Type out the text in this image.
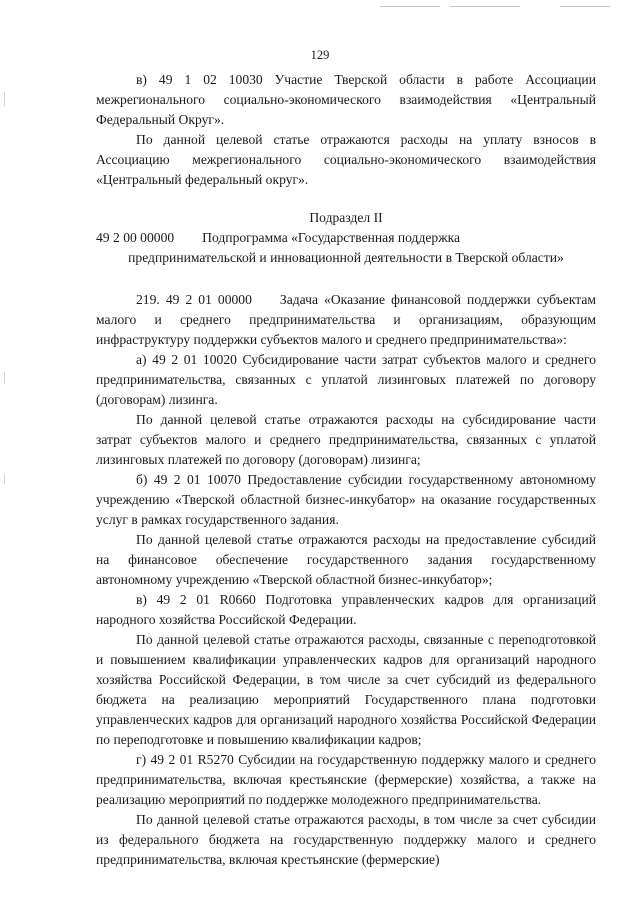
129

в) 49 1 02 10030 Участие Тверской области в работе Ассоциации межрегионального социально-экономического взаимодействия «Центральный Федеральный Округ».

По данной целевой статье отражаются расходы на уплату взносов в Ассоциацию межрегионального социально-экономического взаимодействия «Центральный федеральный округ».

Подраздел II

49 2 00 00000 Подпрограмма «Государственная поддержка

предпринимательской и инновационной деятельности в Тверской области»

219. 49 2 01 00000 Задача «Оказание финансовой поддержки субъектам малого и среднего предпринимательства и организациям, образующим инфраструктуру поддержки субъектов малого и среднего предпринимательства»:

а) 49 2 01 10020 Субсидирование части затрат субъектов малого и среднего предпринимательства, связанных с уплатой лизинговых платежей по договору (договорам) лизинга.

По данной целевой статье отражаются расходы на субсидирование части затрат субъектов малого и среднего предпринимательства, связанных с уплатой лизинговых платежей по договору (договорам) лизинга;

б) 49 2 01 10070 Предоставление субсидии государственному автономному учреждению «Тверской областной бизнес-инкубатор» на оказание государственных услуг в рамках государственного задания.

По данной целевой статье отражаются расходы на предоставление субсидий на финансовое обеспечение государственного задания государственному автономному учреждению «Тверской областной бизнес-инкубатор»;

в) 49 2 01 R0660 Подготовка управленческих кадров для организаций народного хозяйства Российской Федерации.

По данной целевой статье отражаются расходы, связанные с переподготовкой и повышением квалификации управленческих кадров для организаций народного хозяйства Российской Федерации, в том числе за счет субсидий из федерального бюджета на реализацию мероприятий Государственного плана подготовки управленческих кадров для организаций народного хозяйства Российской Федерации по переподготовке и повышению квалификации кадров;

г) 49 2 01 R5270 Субсидии на государственную поддержку малого и среднего предпринимательства, включая крестьянские (фермерские) хозяйства, а также на реализацию мероприятий по поддержке молодежного предпринимательства.

По данной целевой статье отражаются расходы, в том числе за счет субсидии из федерального бюджета на государственную поддержку малого и среднего предпринимательства, включая крестьянские (фермерские)
